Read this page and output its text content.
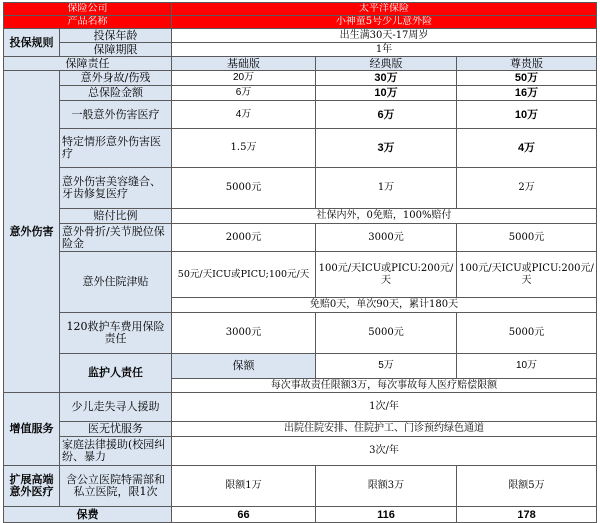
保险公司		太平洋保险			
产品名称		小神童5号少儿意外险			
投保规则	投保年龄	出生满30天-17周岁			
	保障期限	1年			
保障责任		基础版	经典版	尊贵版	
意外伤害	意外身故/伤残	20万	30万	50万	
	总保险金额	6万	10万	16万	
	一般意外伤害医疗	4万	6万	10万	
	特定情形意外伤害医疗	1.5万	3万	4万	
	意外伤害美容缝合、牙齿修复医疗	5000元	1万	2万	
	赔付比例	社保内外，0免赔，100%赔付			
	意外骨折/关节脱位保险金	2000元	3000元	5000元	
	意外住院津贴	50元/天ICU或PICU;100元/天	100元/天ICU或PICU:200元/天	100元/天ICU或PICU:200元/天	
		免赔0天，单次90天，累计180天			
	120救护车费用保险责任	3000元	5000元	5000元	
	监护人责任	保额	5万	10万	
		每次事故责任限额3万，每次事故每人医疗赔偿限额			
增值服务	少儿走失寻人援助	1次/年			
	医无忧服务	出院住院安排、住院护工、门诊预约绿色通道			
	家庭法律援助(校园纠纷、暴力	3次/年			
扩展高端意外医疗	含公立医院特需部和私立医院，限1次	限额1万	限额3万	限额5万	
保费		66	116	178	
